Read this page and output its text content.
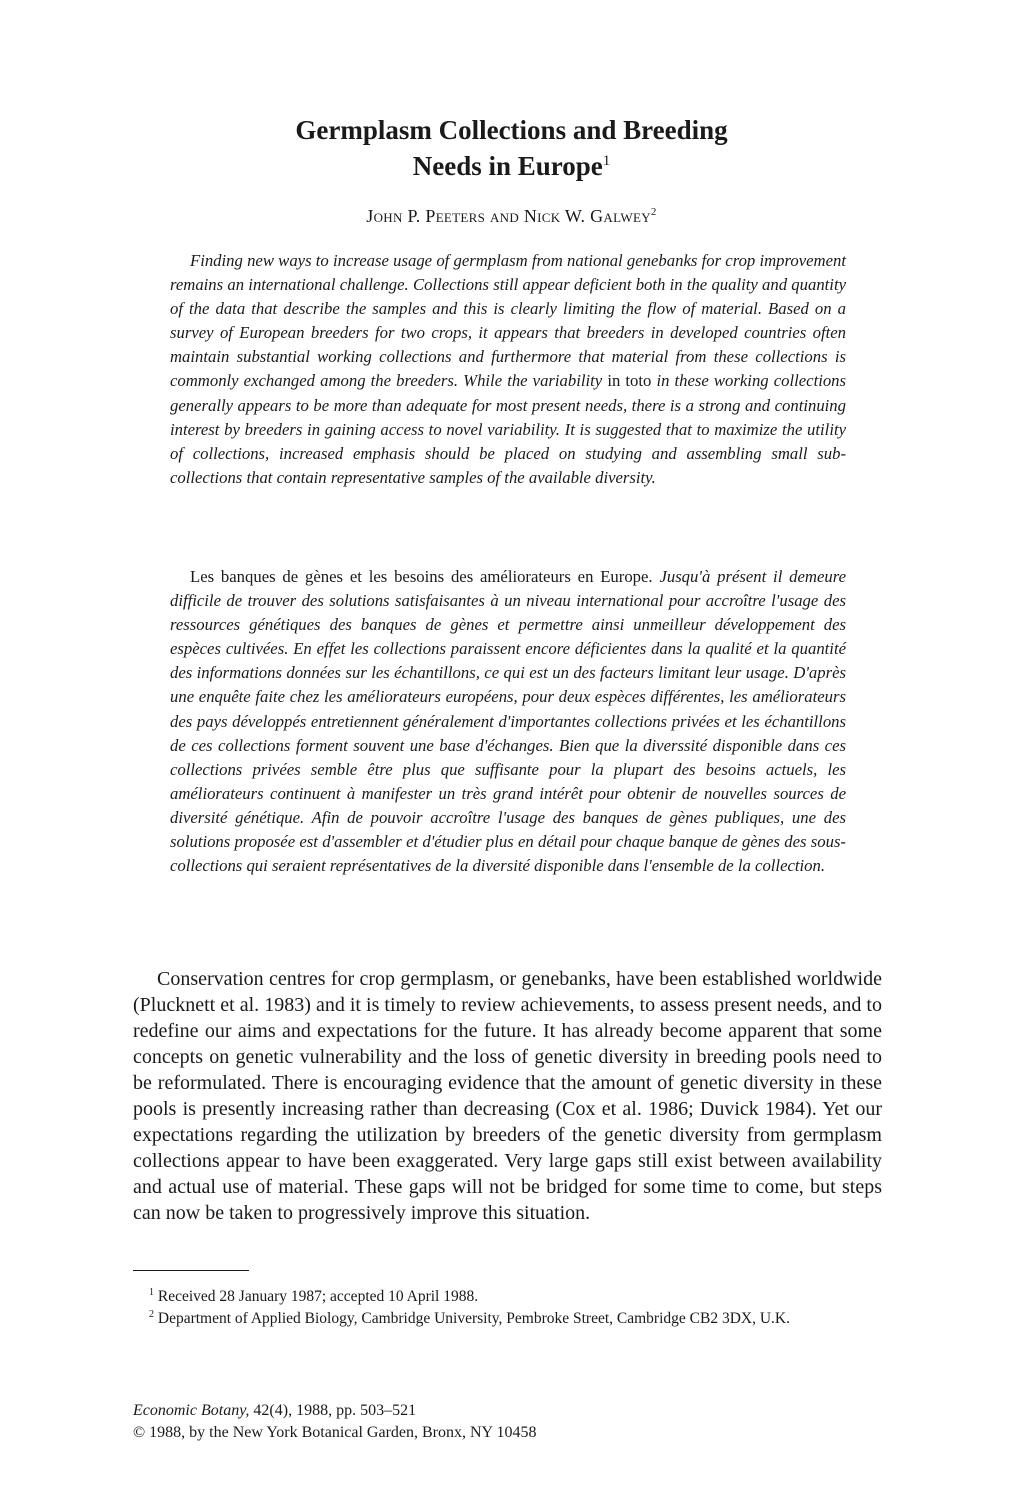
Germplasm Collections and Breeding
Needs in Europe$^1$
John P. Peeters and Nick W. Galwey$^2$

Finding new ways to increase usage of germplasm from national genebanks for crop improvement remains an international challenge. Collections still appear deficient both in the quality and quantity of the data that describe the samples and this is clearly limiting the flow of material. Based on a survey of European breeders for two crops, it appears that breeders in developed countries often maintain substantial working collections and furthermore that material from these collections is commonly exchanged among the breeders. While the variability in toto in these working collections generally appears to be more than adequate for most present needs, there is a strong and continuing interest by breeders in gaining access to novel variability. It is suggested that to maximize the utility of collections, increased emphasis should be placed on studying and assembling small sub-collections that contain representative samples of the available diversity.

Les banques de gènes et les besoins des améliorateurs en Europe. Jusqu'à présent il demeure difficile de trouver des solutions satisfaisantes à un niveau international pour accroître l'usage des ressources génétiques des banques de gènes et permettre ainsi unmeilleur développement des espèces cultivées. En effet les collections paraissent encore déficientes dans la qualité et la quantité des informations données sur les échantillons, ce qui est un des facteurs limitant leur usage. D'après une enquête faite chez les améliorateurs européens, pour deux espèces différentes, les améliorateurs des pays développés entretiennent généralement d'importantes collections privées et les échantillons de ces collections forment souvent une base d'échanges. Bien que la diverssité disponible dans ces collections privées semble être plus que suffisante pour la plupart des besoins actuels, les améliorateurs continuent à manifester un très grand intérêt pour obtenir de nouvelles sources de diversité génétique. Afin de pouvoir accroître l'usage des banques de gènes publiques, une des solutions proposée est d'assembler et d'étudier plus en détail pour chaque banque de gènes des sous-collections qui seraient représentatives de la diversité disponible dans l'ensemble de la collection.

Conservation centres for crop germplasm, or genebanks, have been established worldwide (Plucknett et al. 1983) and it is timely to review achievements, to assess present needs, and to redefine our aims and expectations for the future. It has already become apparent that some concepts on genetic vulnerability and the loss of genetic diversity in breeding pools need to be reformulated. There is encouraging evidence that the amount of genetic diversity in these pools is presently increasing rather than decreasing (Cox et al. 1986; Duvick 1984). Yet our expectations regarding the utilization by breeders of the genetic diversity from germplasm collections appear to have been exaggerated. Very large gaps still exist between availability and actual use of material. These gaps will not be bridged for some time to come, but steps can now be taken to progressively improve this situation.

$^1$ Received 28 January 1987; accepted 10 April 1988.

$^2$ Department of Applied Biology, Cambridge University, Pembroke Street, Cambridge CB2 3DX, U.K.

Economic Botany, 42(4), 1988, pp. 503–521

© 1988, by the New York Botanical Garden, Bronx, NY 10458
